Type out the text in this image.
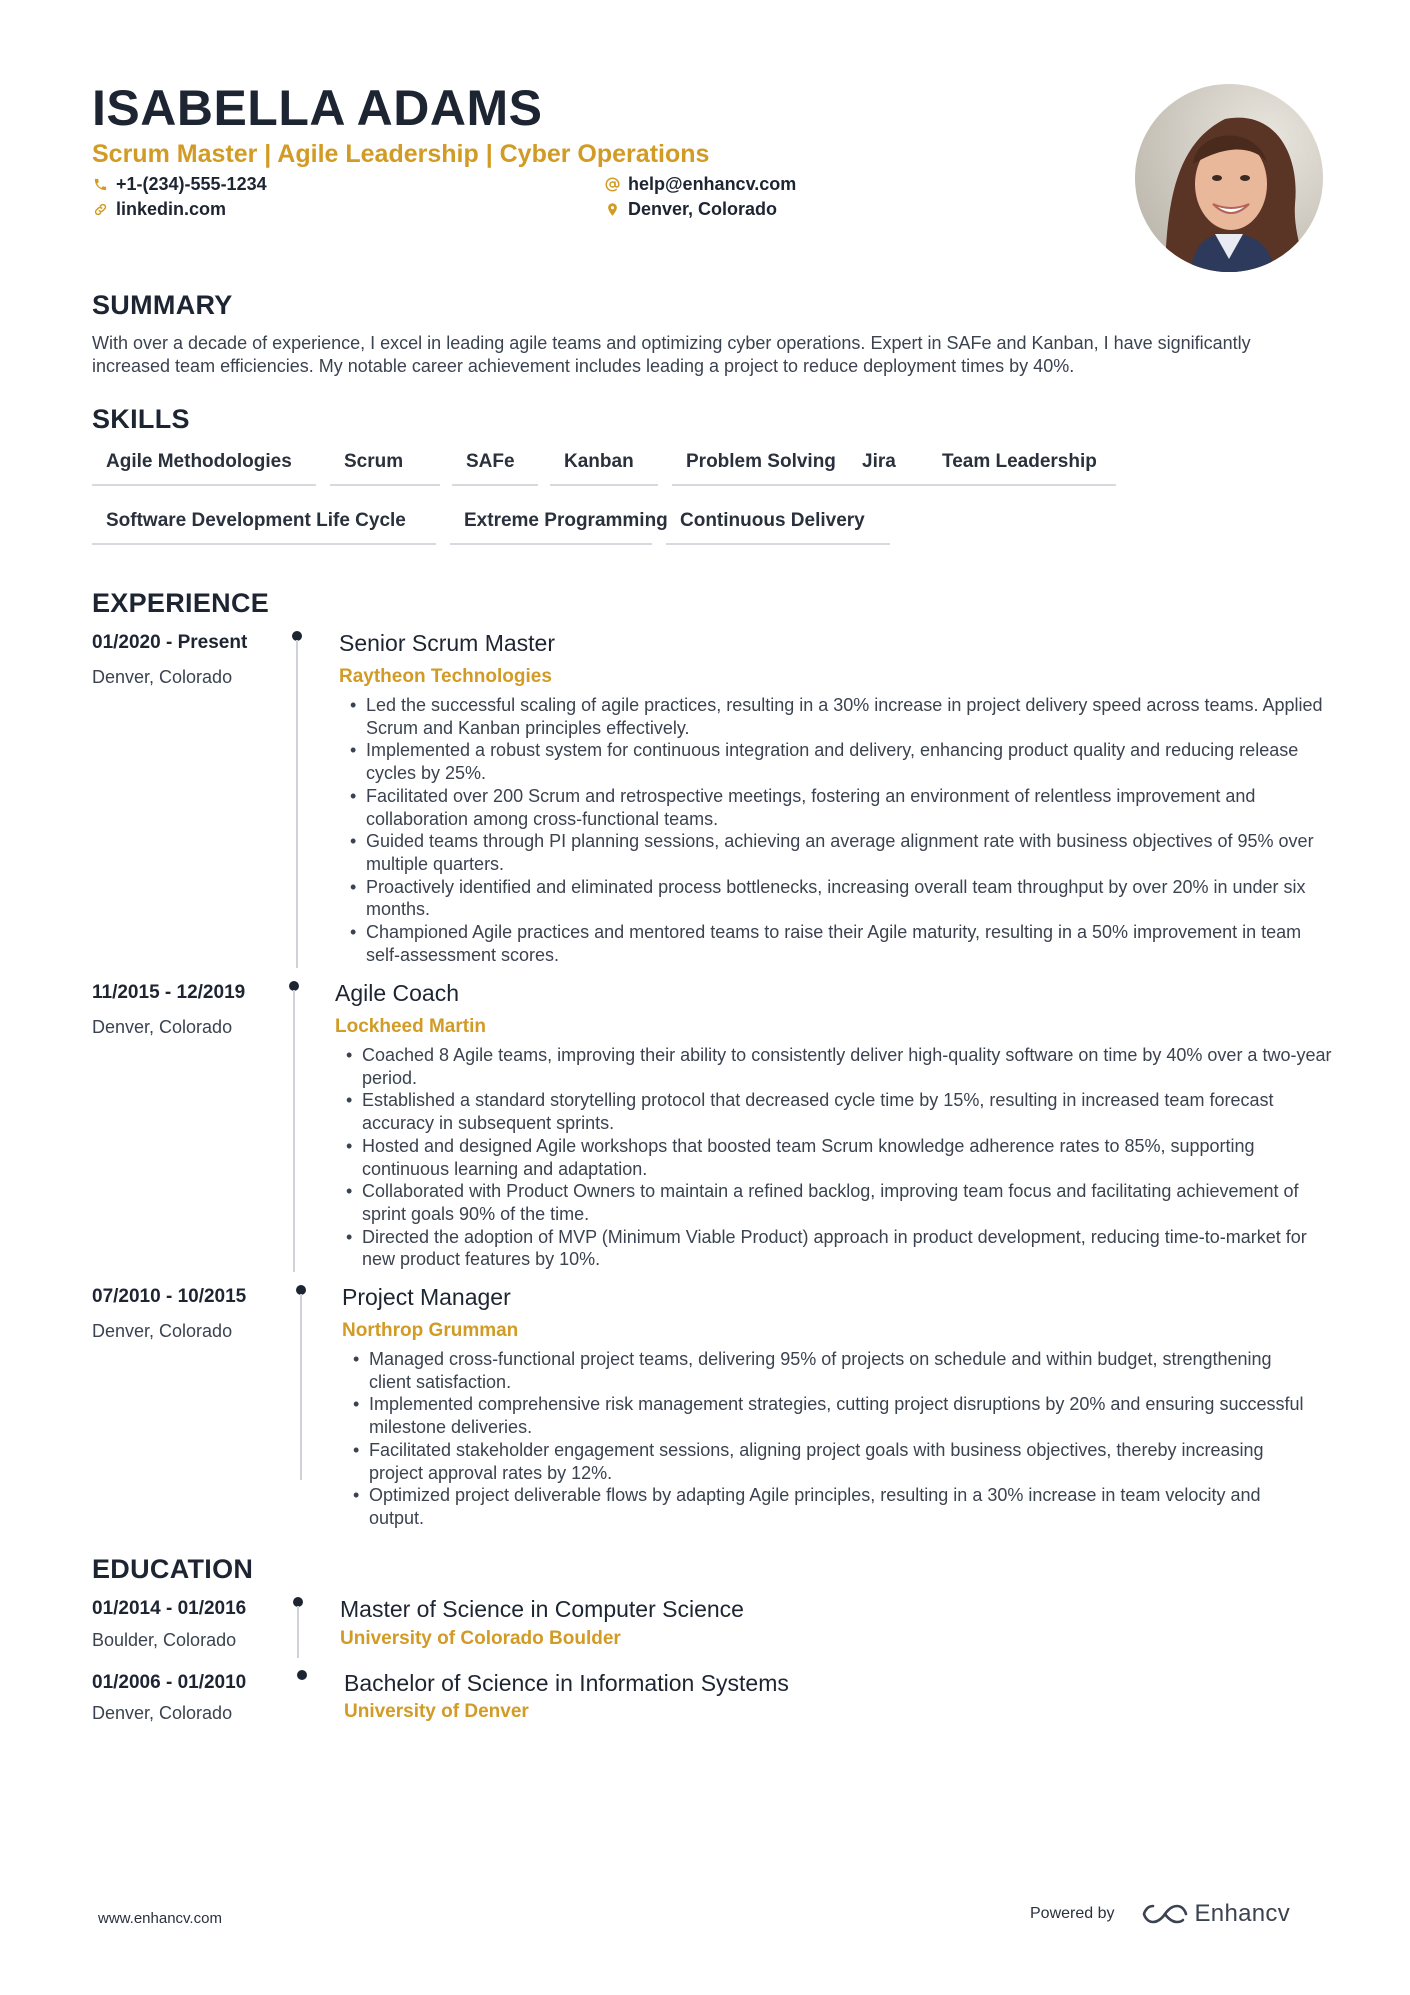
ISABELLA ADAMS
Scrum Master | Agile Leadership | Cyber Operations
+1-(234)-555-1234
linkedin.com
help@enhancv.com
Denver, Colorado
SUMMARY
With over a decade of experience, I excel in leading agile teams and optimizing cyber operations. Expert in SAFe and Kanban, I have significantly increased team efficiencies. My notable career achievement includes leading a project to reduce deployment times by 40%.
SKILLS
Agile Methodologies	Scrum	SAFe	Kanban	Problem Solving	Jira	Team Leadership
Software Development Life Cycle	Extreme Programming Continuous Delivery
EXPERIENCE
01/2020 - Present
Denver, Colorado
Senior Scrum Master
Raytheon Technologies
• Led the successful scaling of agile practices, resulting in a 30% increase in project delivery speed across teams. Applied Scrum and Kanban principles effectively.
• Implemented a robust system for continuous integration and delivery, enhancing product quality and reducing release cycles by 25%.
• Facilitated over 200 Scrum and retrospective meetings, fostering an environment of relentless improvement and collaboration among cross-functional teams.
• Guided teams through PI planning sessions, achieving an average alignment rate with business objectives of 95% over multiple quarters.
• Proactively identified and eliminated process bottlenecks, increasing overall team throughput by over 20% in under six months.
• Championed Agile practices and mentored teams to raise their Agile maturity, resulting in a 50% improvement in team self-assessment scores.
11/2015 - 12/2019
Denver, Colorado
Agile Coach
Lockheed Martin
• Coached 8 Agile teams, improving their ability to consistently deliver high-quality software on time by 40% over a two-year period.
• Established a standard storytelling protocol that decreased cycle time by 15%, resulting in increased team forecast accuracy in subsequent sprints.
• Hosted and designed Agile workshops that boosted team Scrum knowledge adherence rates to 85%, supporting continuous learning and adaptation.
• Collaborated with Product Owners to maintain a refined backlog, improving team focus and facilitating achievement of sprint goals 90% of the time.
• Directed the adoption of MVP (Minimum Viable Product) approach in product development, reducing time-to-market for new product features by 10%.
07/2010 - 10/2015
Denver, Colorado
Project Manager
Northrop Grumman
• Managed cross-functional project teams, delivering 95% of projects on schedule and within budget, strengthening client satisfaction.
• Implemented comprehensive risk management strategies, cutting project disruptions by 20% and ensuring successful milestone deliveries.
• Facilitated stakeholder engagement sessions, aligning project goals with business objectives, thereby increasing project approval rates by 12%.
• Optimized project deliverable flows by adapting Agile principles, resulting in a 30% increase in team velocity and output.
EDUCATION
01/2014 - 01/2016
Boulder, Colorado
Master of Science in Computer Science
University of Colorado Boulder
01/2006 - 01/2010
Denver, Colorado
Bachelor of Science in Information Systems
University of Denver
www.enhancv.com	Powered by	Enhancv
